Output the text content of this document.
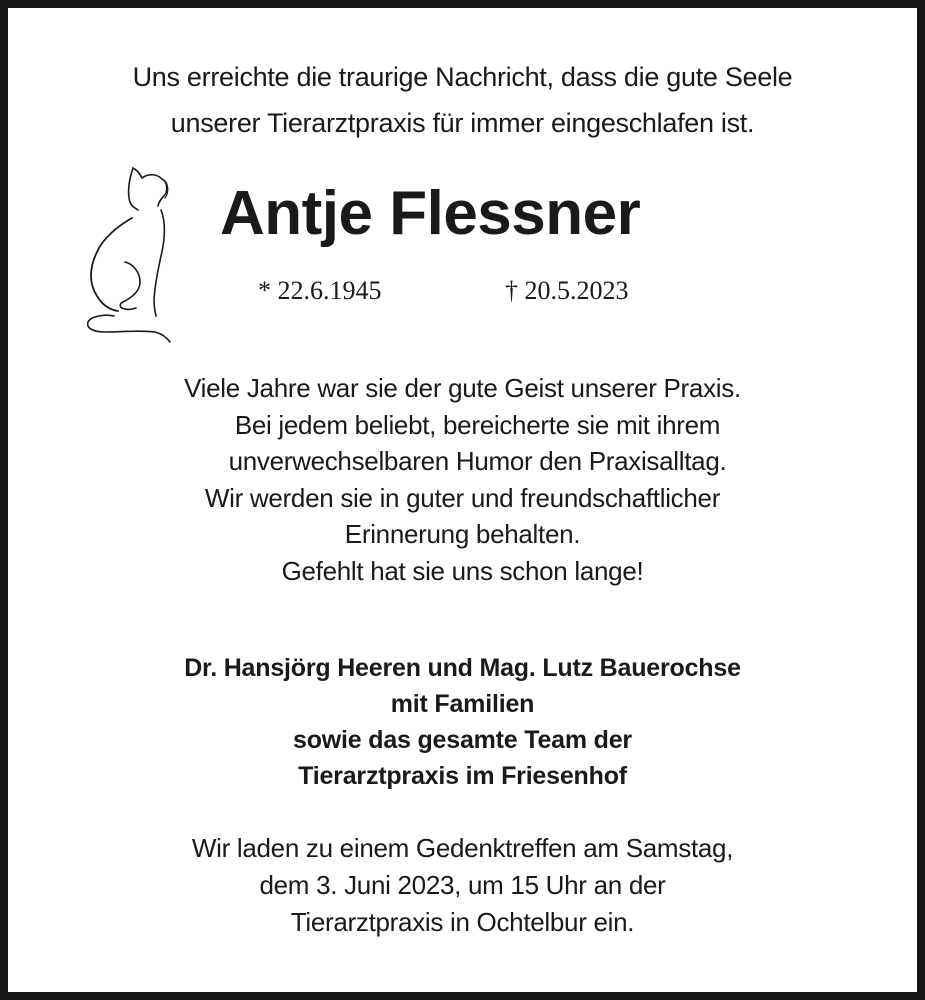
Uns erreichte die traurige Nachricht, dass die gute Seele
unserer Tierarztpraxis für immer eingeschlafen ist.
Antje Flessner
* 22.6.1945	† 20.5.2023
Viele Jahre war sie der gute Geist unserer Praxis.
Bei jedem beliebt, bereicherte sie mit ihrem
unverwechselbaren Humor den Praxisalltag.
Wir werden sie in guter und freundschaftlicher
Erinnerung behalten.
Gefehlt hat sie uns schon lange!
Dr. Hansjörg Heeren und Mag. Lutz Bauerochse
mit Familien
sowie das gesamte Team der
Tierarztpraxis im Friesenhof
Wir laden zu einem Gedenktreffen am Samstag,
dem 3. Juni 2023, um 15 Uhr an der
Tierarztpraxis in Ochtelbur ein.
